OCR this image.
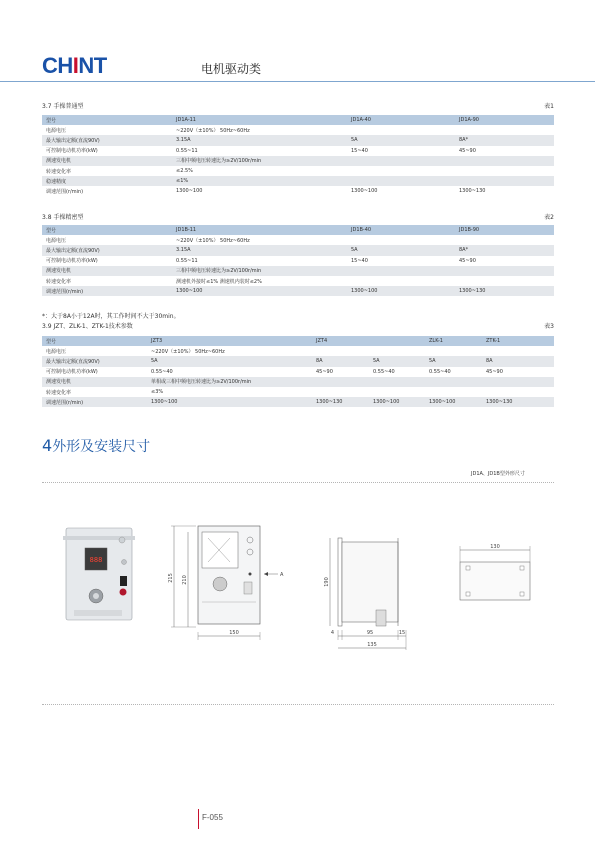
CHINT	电机驱动类
3.7 手操普通型	表1
型号	JD1A-11	JD1A-40	JD1A-90
电源电压	~220V（±10%） 50Hz~60Hz		
最大输出定额(直流90V)	3.15A	5A	8A*
可控制电动机功率(kW)	0.55~11	15~40	45~90
测速发电机	三相中频电压转速比为≥2V/100r/min		
转速变化率	≤2.5%		
稳速精度	≤1%		
调速范围(r/min)	1300~100	1300~100	1300~130
3.8 手操精密型	表2
型号	JD1B-11	JD1B-40	JD1B-90
电源电压	~220V（±10%） 50Hz~60Hz		
最大输出定额(直流90V)	3.15A	5A	8A*
可控制电动机功率(kW)	0.55~11	15~40	45~90
测速发电机	三相中频电压转速比为≥2V/100r/min		
转速变化率	测速机外接时≤1% 测速机内装时≤2%		
调速范围(r/min)	1300~100	1300~100	1300~130
*：大于8A小于12A时，其工作时间不大于30min。
3.9 JZT、ZLK-1、ZTK-1技术参数	表3
型号	JZT3	JZT4		ZLK-1	ZTK-1
电源电压	~220V（±10%） 50Hz~60Hz				
最大输出定额(直流90V)	5A	8A	5A	5A	8A
可控制电动机功率(kW)	0.55~40	45~90	0.55~40	0.55~40	45~90
测速发电机	单相或三相中频电压转速比为≥2V/100r/min				
转速变化率	≤3%				
调速范围(r/min)	1300~100	1300~130	1300~100	1300~100	1300~130
4外形及安装尺寸
JD1A、JD1B型外形尺寸
888
215 210
A
150
190
4	95	15
135
130
F-055
